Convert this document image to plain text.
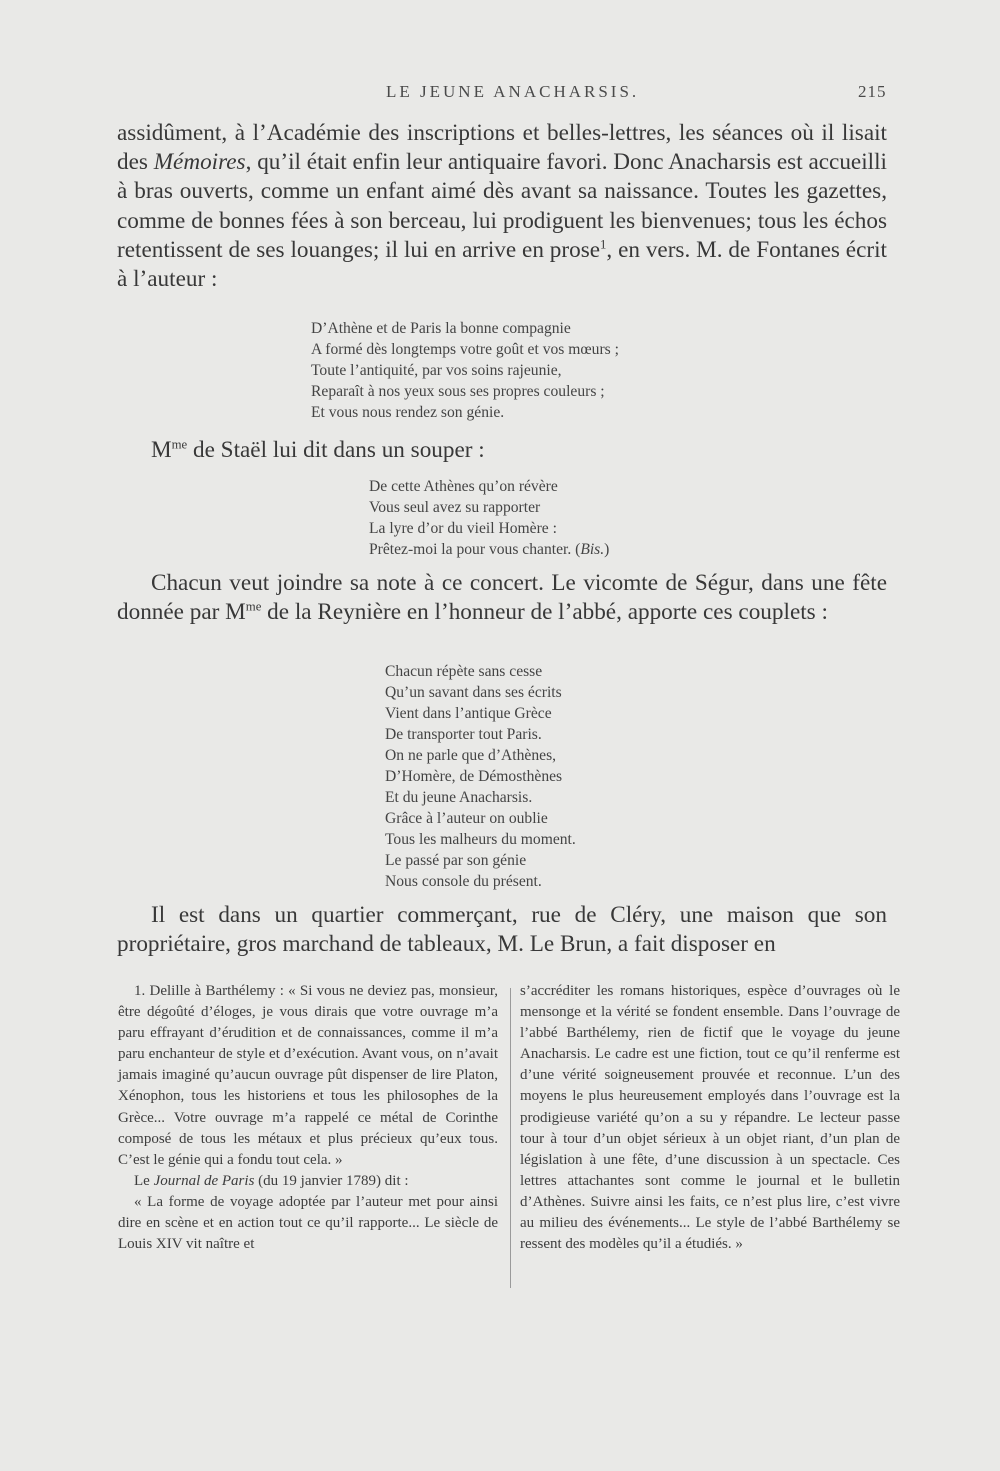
LE JEUNE ANACHARSIS.	215

assidûment, à l’Académie des inscriptions et belles-lettres, les séances où il lisait des Mémoires, qu’il était enfin leur antiquaire favori. Donc Anacharsis est accueilli à bras ouverts, comme un enfant aimé dès avant sa naissance. Toutes les gazettes, comme de bonnes fées à son berceau, lui prodiguent les bienvenues; tous les échos retentissent de ses louanges; il lui en arrive en prose$^1$, en vers. M. de Fontanes écrit à l’auteur :

D’Athène et de Paris la bonne compagnie
A formé dès longtemps votre goût et vos mœurs ;
Toute l’antiquité, par vos soins rajeunie,
Reparaît à nos yeux sous ses propres couleurs ;
Et vous nous rendez son génie.

$M^{me}$ de Staël lui dit dans un souper :

De cette Athènes qu’on révère
Vous seul avez su rapporter
La lyre d’or du vieil Homère :
Prêtez-moi la pour vous chanter. (Bis.)

Chacun veut joindre sa note à ce concert. Le vicomte de Ségur, dans une fête donnée par $M^{me}$ de la Reynière en l’honneur de l’abbé, apporte ces couplets :

Chacun répète sans cesse
Qu’un savant dans ses écrits
Vient dans l’antique Grèce
De transporter tout Paris.
On ne parle que d’Athènes,
D’Homère, de Démosthènes
Et du jeune Anacharsis.
Grâce à l’auteur on oublie
Tous les malheurs du moment.
Le passé par son génie
Nous console du présent.

Il est dans un quartier commerçant, rue de Cléry, une maison que son propriétaire, gros marchand de tableaux, M. Le Brun, a fait disposer en

1. Delille à Barthélemy : « Si vous ne deviez pas, monsieur, être dégoûté d’éloges, je vous dirais que votre ouvrage m’a paru effrayant d’érudition et de connaissances, comme il m’a paru enchanteur de style et d’exécution. Avant vous, on n’avait jamais imaginé qu’aucun ouvrage pût dispenser de lire Platon, Xénophon, tous les historiens et tous les philosophes de la Grèce... Votre ouvrage m’a rappelé ce métal de Corinthe composé de tous les métaux et plus précieux qu’eux tous. C’est le génie qui a fondu tout cela. »

Le Journal de Paris (du 19 janvier 1789) dit :

« La forme de voyage adoptée par l’auteur met pour ainsi dire en scène et en action tout ce qu’il rapporte... Le siècle de Louis XIV vit naître et

s’accréditer les romans historiques, espèce d’ouvrages où le mensonge et la vérité se fondent ensemble. Dans l’ouvrage de l’abbé Barthélemy, rien de fictif que le voyage du jeune Anacharsis. Le cadre est une fiction, tout ce qu’il renferme est d’une vérité soigneusement prouvée et reconnue. L’un des moyens le plus heureusement employés dans l’ouvrage est la prodigieuse variété qu’on a su y répandre. Le lecteur passe tour à tour d’un objet sérieux à un objet riant, d’un plan de législation à une fête, d’une discussion à un spectacle. Ces lettres attachantes sont comme le journal et le bulletin d’Athènes. Suivre ainsi les faits, ce n’est plus lire, c’est vivre au milieu des événements... Le style de l’abbé Barthélemy se ressent des modèles qu’il a étudiés. »
